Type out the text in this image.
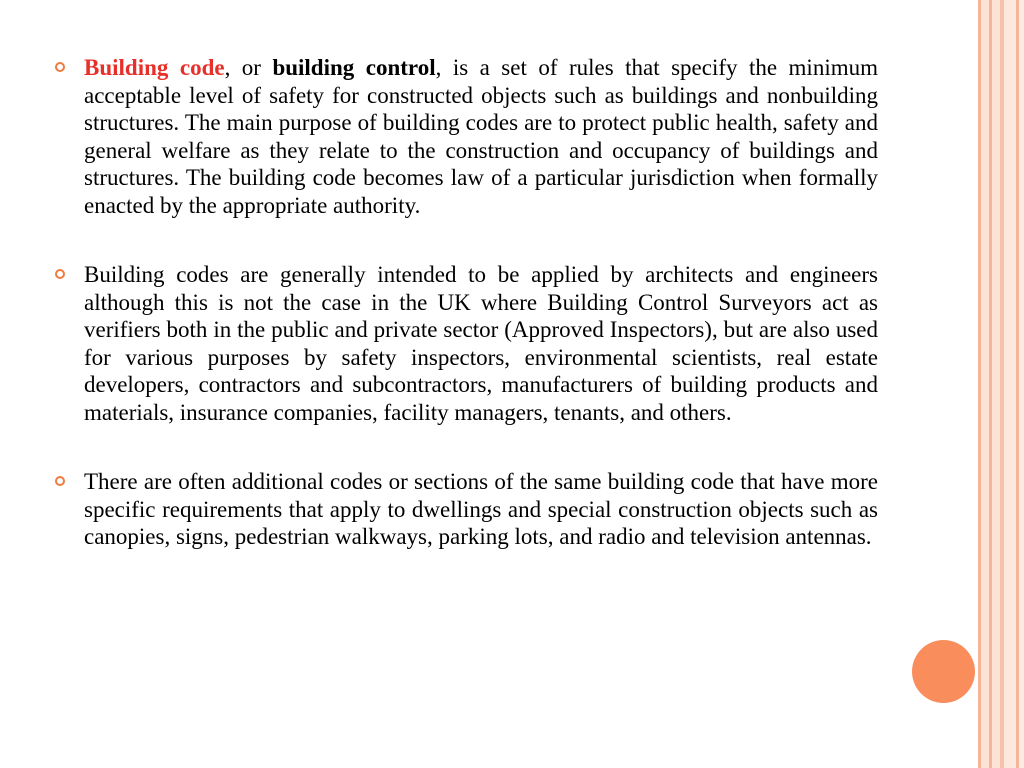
Building code, or building control, is a set of rules that specify the minimum acceptable level of safety for constructed objects such as buildings and nonbuilding structures. The main purpose of building codes are to protect public health, safety and general welfare as they relate to the construction and occupancy of buildings and structures. The building code becomes law of a particular jurisdiction when formally enacted by the appropriate authority.

Building codes are generally intended to be applied by architects and engineers although this is not the case in the UK where Building Control Surveyors act as verifiers both in the public and private sector (Approved Inspectors), but are also used for various purposes by safety inspectors, environmental scientists, real estate developers, contractors and subcontractors, manufacturers of building products and materials, insurance companies, facility managers, tenants, and others.

There are often additional codes or sections of the same building code that have more specific requirements that apply to dwellings and special construction objects such as canopies, signs, pedestrian walkways, parking lots, and radio and television antennas.
